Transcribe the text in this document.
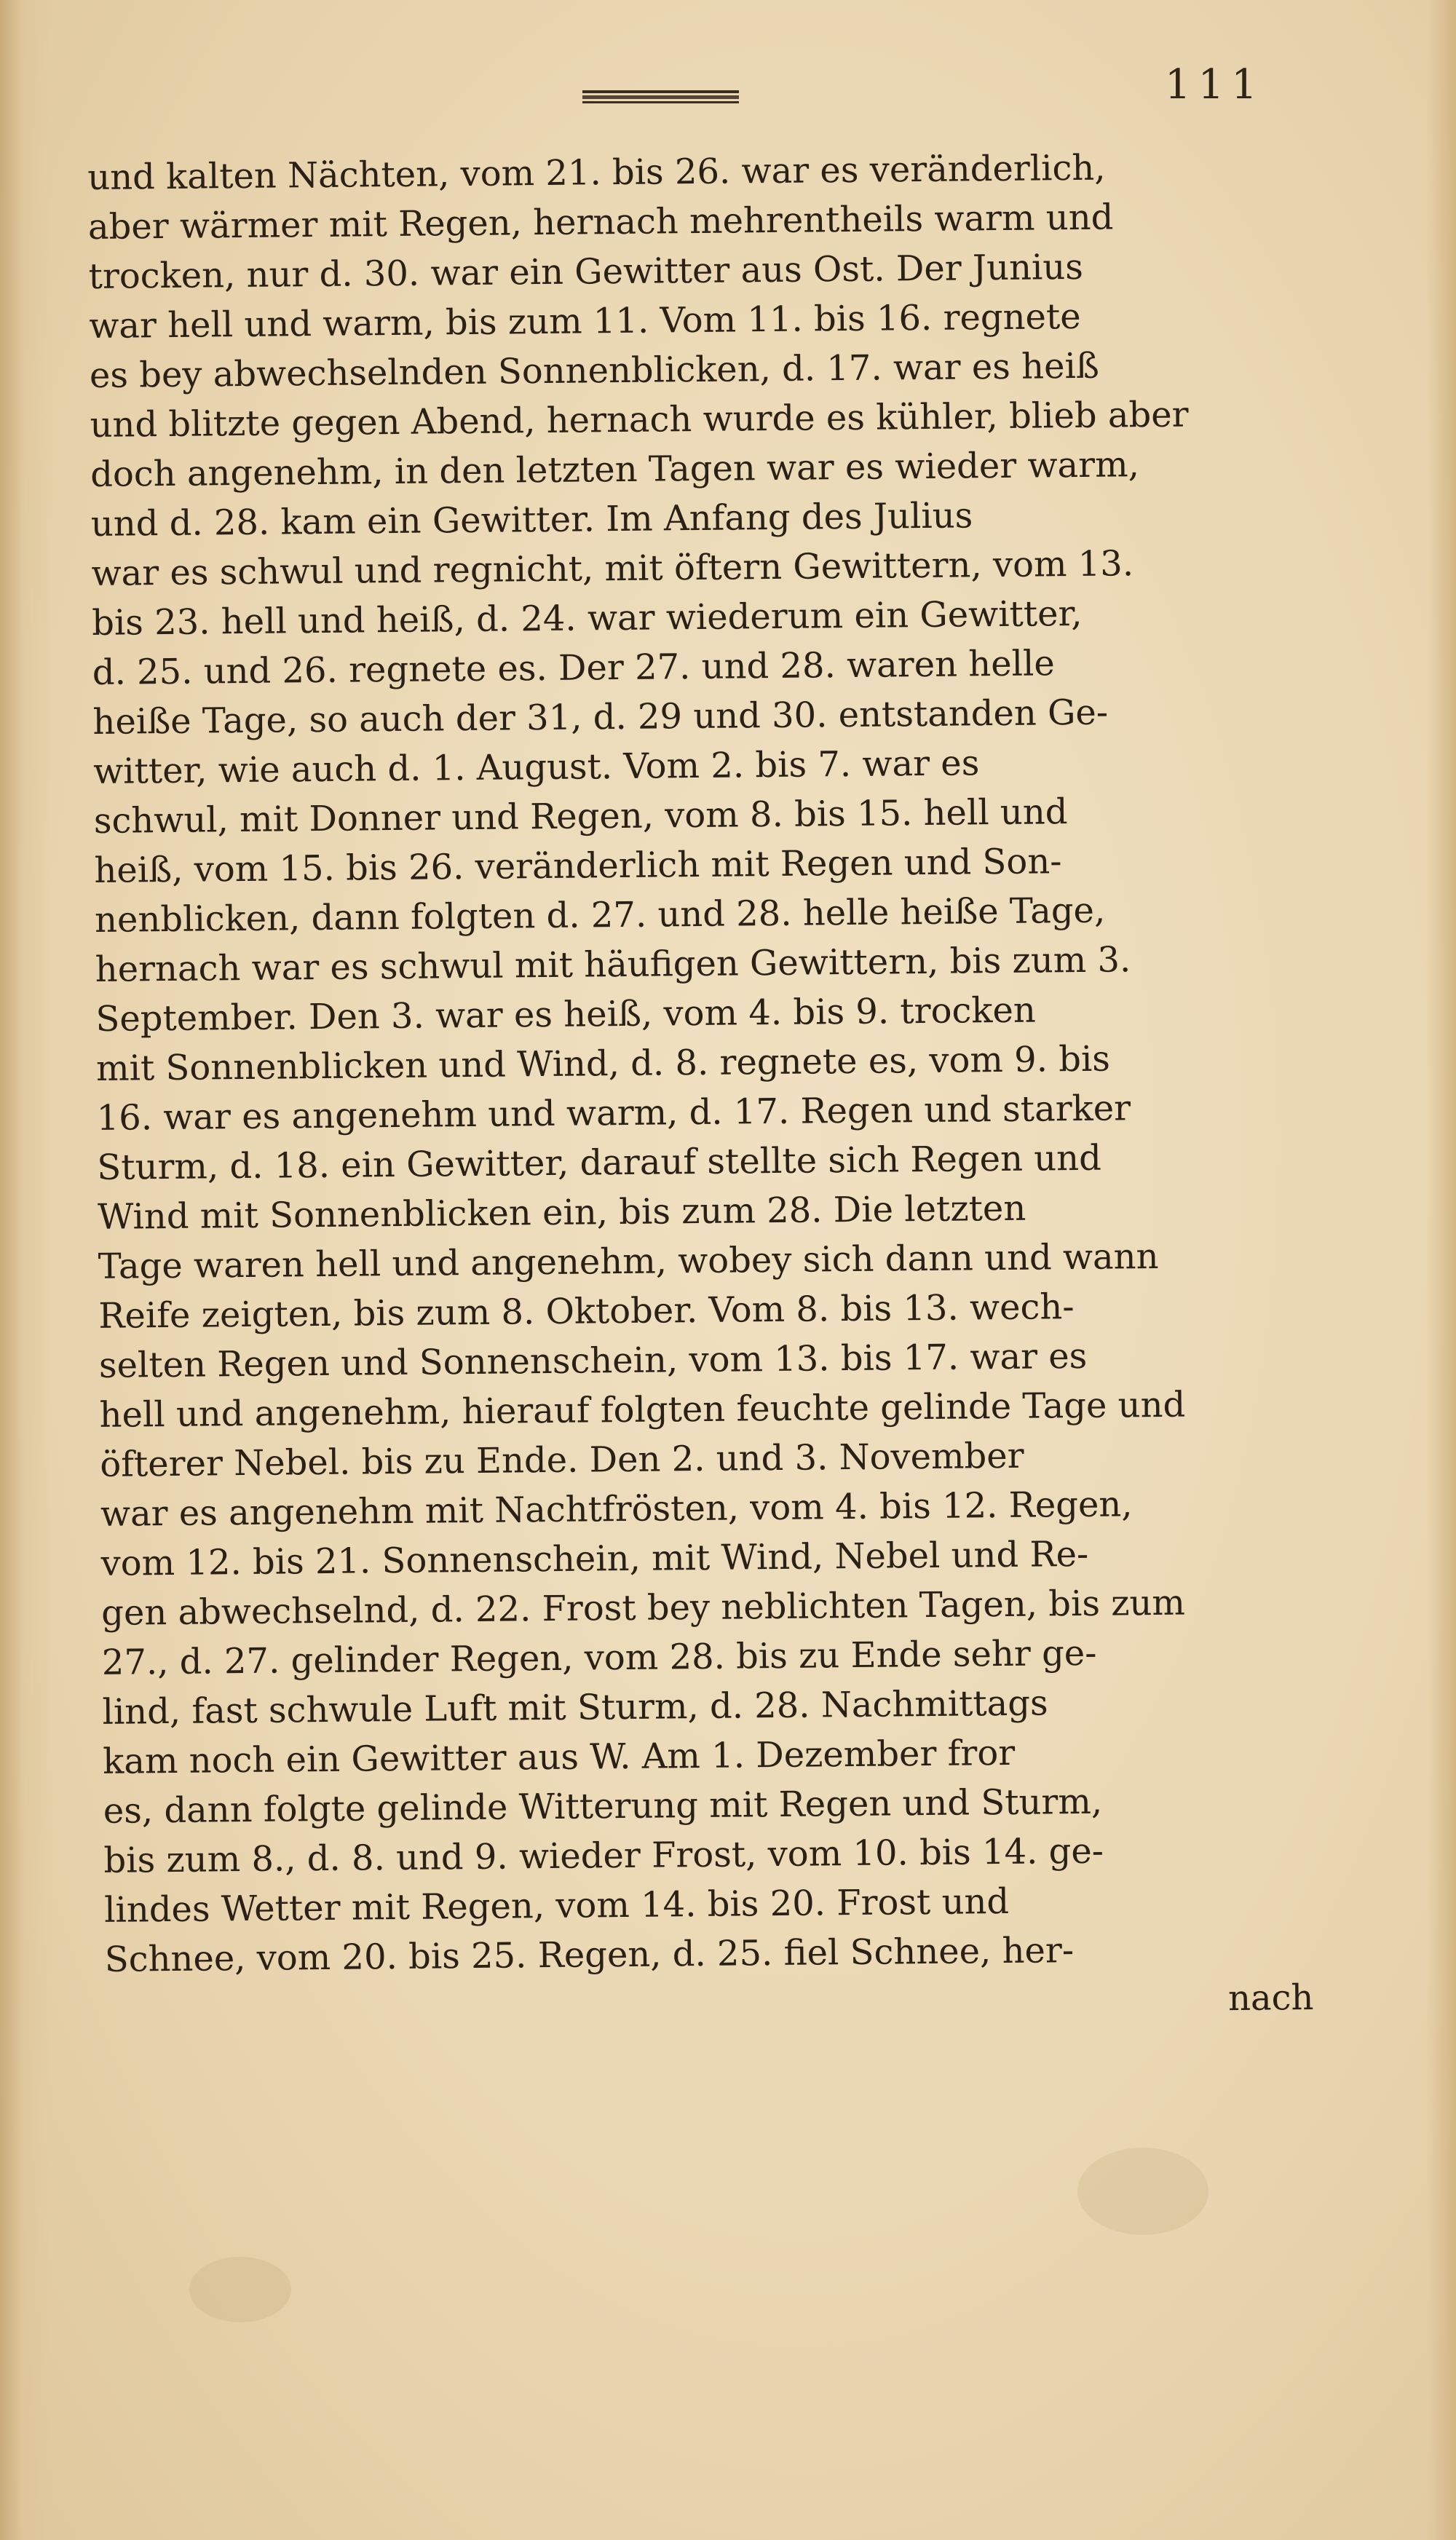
111
und kalten Nächten, vom 21. bis 26. war es veränderlich,
aber wärmer mit Regen, hernach mehrentheils warm und
trocken, nur d. 30. war ein Gewitter aus Ost. Der Junius
war hell und warm, bis zum 11. Vom 11. bis 16. regnete
es bey abwechselnden Sonnenblicken, d. 17. war es heiß
und blitzte gegen Abend, hernach wurde es kühler, blieb aber
doch angenehm, in den letzten Tagen war es wieder warm,
und d. 28. kam ein Gewitter. Im Anfang des Julius
war es schwul und regnicht, mit öftern Gewittern, vom 13.
bis 23. hell und heiß, d. 24. war wiederum ein Gewitter,
d. 25. und 26. regnete es. Der 27. und 28. waren helle
heiße Tage, so auch der 31, d. 29 und 30. entstanden Ge-
witter, wie auch d. 1. August. Vom 2. bis 7. war es
schwul, mit Donner und Regen, vom 8. bis 15. hell und
heiß, vom 15. bis 26. veränderlich mit Regen und Son-
nenblicken, dann folgten d. 27. und 28. helle heiße Tage,
hernach war es schwul mit häufigen Gewittern, bis zum 3.
September. Den 3. war es heiß, vom 4. bis 9. trocken
mit Sonnenblicken und Wind, d. 8. regnete es, vom 9. bis
16. war es angenehm und warm, d. 17. Regen und starker
Sturm, d. 18. ein Gewitter, darauf stellte sich Regen und
Wind mit Sonnenblicken ein, bis zum 28. Die letzten
Tage waren hell und angenehm, wobey sich dann und wann
Reife zeigten, bis zum 8. Oktober. Vom 8. bis 13. wech-
selten Regen und Sonnenschein, vom 13. bis 17. war es
hell und angenehm, hierauf folgten feuchte gelinde Tage und
öfterer Nebel. bis zu Ende. Den 2. und 3. November
war es angenehm mit Nachtfrösten, vom 4. bis 12. Regen,
vom 12. bis 21. Sonnenschein, mit Wind, Nebel und Re-
gen abwechselnd, d. 22. Frost bey neblichten Tagen, bis zum
27., d. 27. gelinder Regen, vom 28. bis zu Ende sehr ge-
lind, fast schwule Luft mit Sturm, d. 28. Nachmittags
kam noch ein Gewitter aus W. Am 1. Dezember fror
es, dann folgte gelinde Witterung mit Regen und Sturm,
bis zum 8., d. 8. und 9. wieder Frost, vom 10. bis 14. ge-
lindes Wetter mit Regen, vom 14. bis 20. Frost und
Schnee, vom 20. bis 25. Regen, d. 25. fiel Schnee, her-
nach
